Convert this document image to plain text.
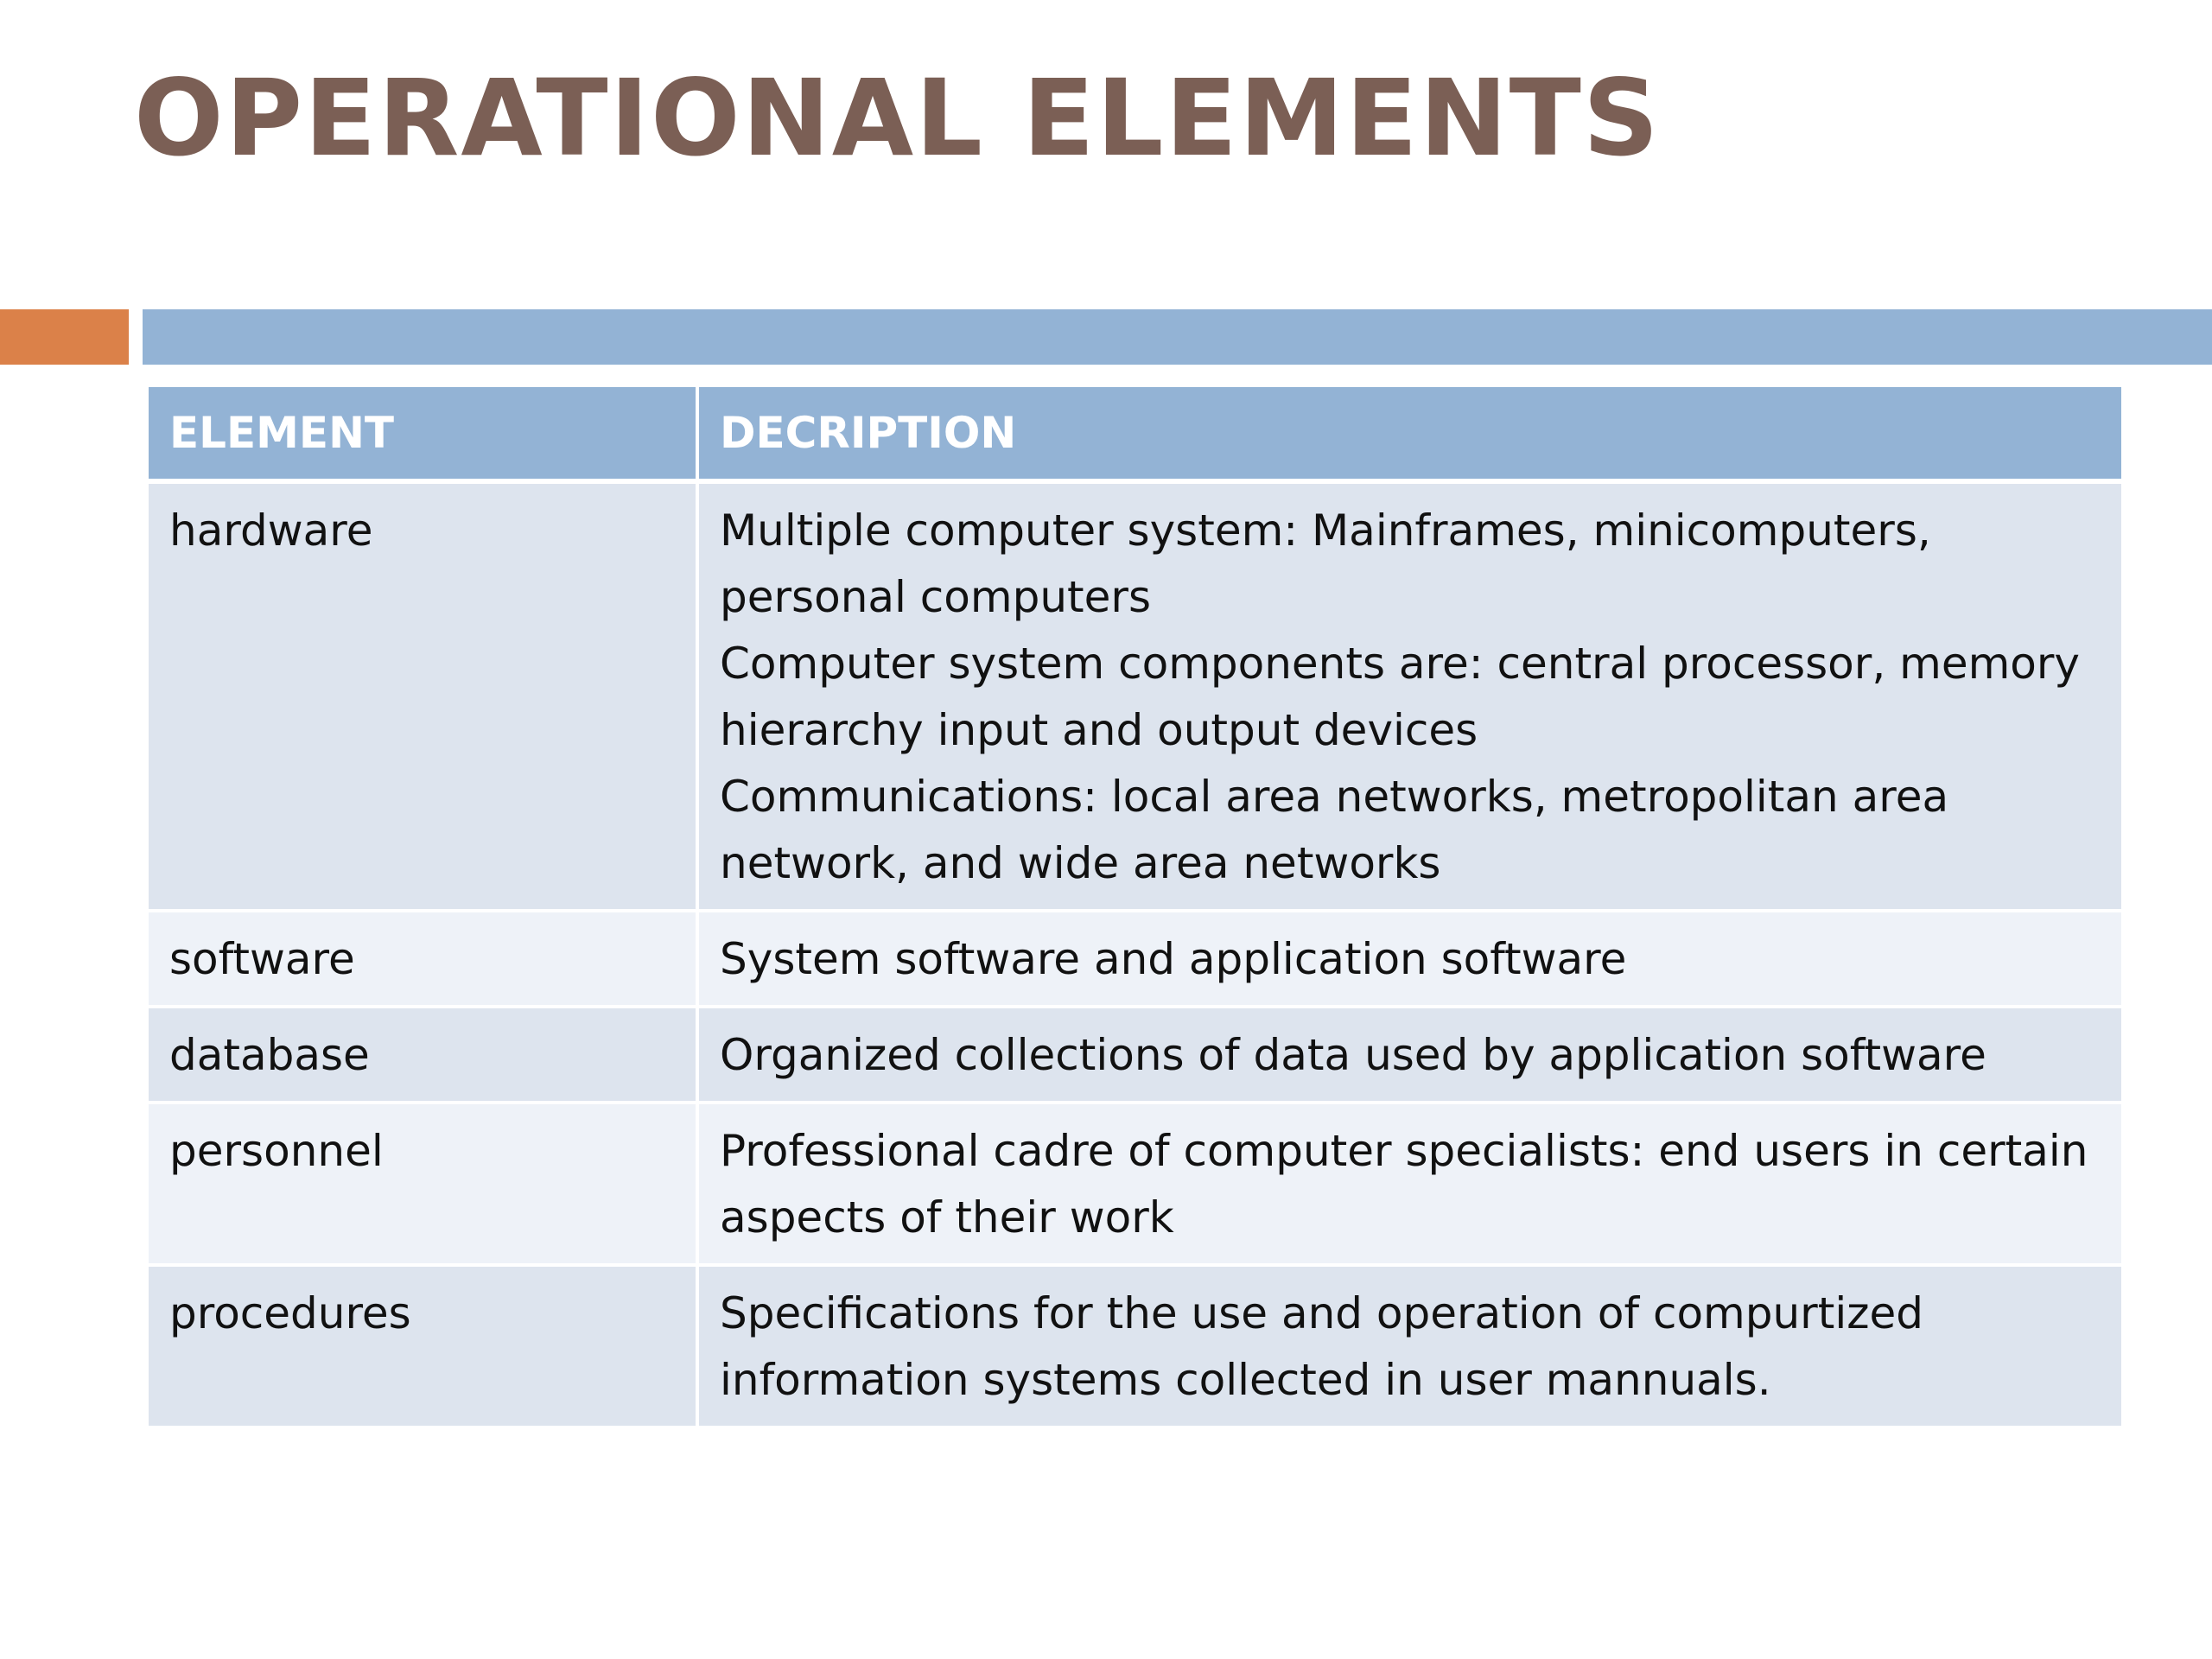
OPERATIONAL ELEMENTS
ELEMENT	DECRIPTION
hardware	Multiple computer system: Mainframes, minicomputers, personal computers
Computer system components are: central processor, memory hierarchy input and output devices
Communications: local area networks, metropolitan area network, and wide area networks

software	System software and application software

database	Organized collections of data used by application software

personnel	Professional cadre of computer specialists: end users in certain aspects of their work

procedures	Specifications for the use and operation of compurtized information systems collected in user mannuals.
